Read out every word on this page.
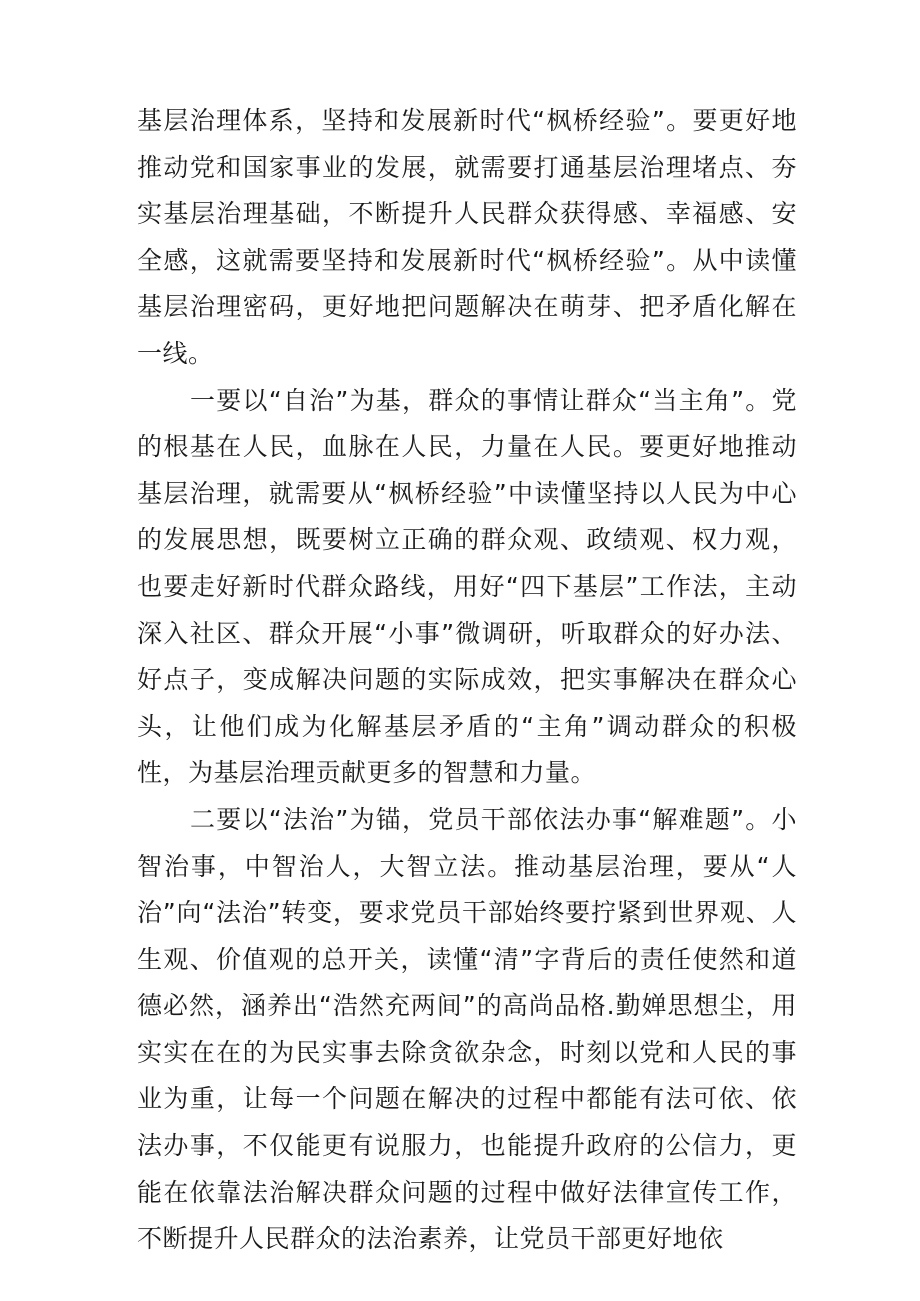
基层治理体系，坚持和发展新时代“枫桥经验”。要更好地推动党和国家事业的发展，就需要打通基层治理堵点、夯实基层治理基础，不断提升人民群众获得感、幸福感、安全感，这就需要坚持和发展新时代“枫桥经验”。从中读懂基层治理密码，更好地把问题解决在萌芽、把矛盾化解在一线。

一要以“自治”为基，群众的事情让群众“当主角”。党的根基在人民，血脉在人民，力量在人民。要更好地推动基层治理，就需要从“枫桥经验”中读懂坚持以人民为中心的发展思想，既要树立正确的群众观、政绩观、权力观，也要走好新时代群众路线，用好“四下基层”工作法，主动深入社区、群众开展“小事”微调研，听取群众的好办法、好点子，变成解决问题的实际成效，把实事解决在群众心头，让他们成为化解基层矛盾的“主角”调动群众的积极性，为基层治理贡献更多的智慧和力量。

二要以“法治”为锚，党员干部依法办事“解难题”。小智治事，中智治人，大智立法。推动基层治理，要从“人治”向“法治”转变，要求党员干部始终要拧紧到世界观、人生观、价值观的总开关，读懂“清”字背后的责任使然和道德必然，涵养出“浩然充两间”的高尚品格.勤婵思想尘，用实实在在的为民实事去除贪欲杂念，时刻以党和人民的事业为重，让每一个问题在解决的过程中都能有法可依、依法办事，不仅能更有说服力，也能提升政府的公信力，更能在依靠法治解决群众问题的过程中做好法律宣传工作，不断提升人民群众的法治素养，让党员干部更好地依
